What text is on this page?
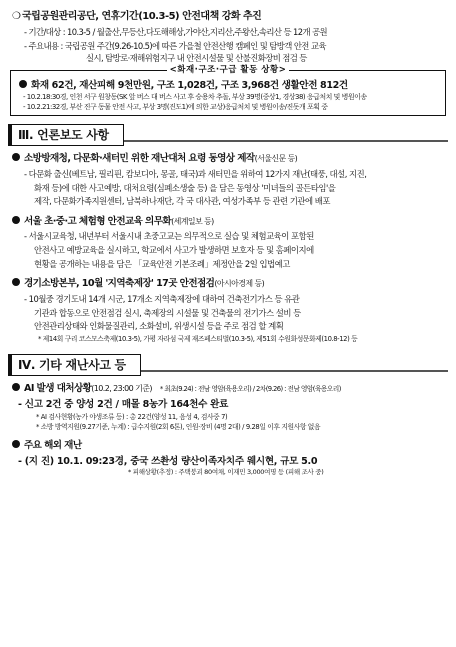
❍ 국립공원관리공단, 연휴기간(10.3-5) 안전대책 강화 추진
- 기간/대상 : 10.3-5 / 월출산,무등산,다도해해상,가야산,지리산,주왕산,속리산 등 12개 공원
- 주요내용 : 국립공원 주간(9.26-10.5)에 따른 가을철 안전산행 캠페인 및 탐방객 안전 교육
실시, 탐방로·재해위험지구 내 안전시설물 및 산불진화장비 점검 등
<화재·구조·구급 활동 상황>
화재 62건, 재산피해 9천만원, 구조 1,028건, 구조 3,968건 생활안전 812건
- 10.2.18:30경, 인천 서구 원창동(SK 앞 버스 대 버스 사고 후 승용차 추돌, 부상 39명(중상1, 경상38) 응급처치 및 병원이송
- 10.2.21:32경, 부산 진구 동물 안전 사고, 부상 3명(진도1)에 의한 교상)응급처치 및 병원이송/진돗개 포획 중
Ⅲ. 언론보도 사항
소방방재청, 다문화·새터민 위한 재난대처 요령 동영상 제작(서울신문 등)
- 다문화 출신(베트남, 필리핀, 캄보디아, 몽골, 태국)과 새터민을 위하여 12가지 재난(태풍, 대설, 지진,
화재 등)에 대한 사고예방, 대처요령(심폐소생술 등) 을 담은 동영상 '미녀들의 골든타임'을
제작, 다문화가족지원센터, 남북하나재단, 각 국 대사관, 여성가족부 등 관련 기관에 배포
서울 초·중·고 체험형 안전교육 의무화(세계일보 등)
- 서울시교육청, 내년부터 서울시내 초중고교는 의무적으로 실습 및 체험교육이 포함된
안전사고 예방교육을 실시하고, 학교에서 사고가 발생하면 보호자 등 및 홈페이지에
현황을 공개하는 내용을 담은 「교육안전 기본조례」제정안을 2일 입법예고
경기소방본부, 10월 '지역축제장' 17곳 안전점검(아시아경제 등)
- 10월중 경기도내 14개 시군, 17개소 지역축제장에 대하여 건축전기가스 등 유관
기관과 합동으로 안전점검 실시, 축제장의 시설물 및 건축물의 전기가스 설비 등
안전관리상태와 인화물질관리, 소화설비, 위생시설 등을 주로 점검 할 계획
* 제14회 구리 코스모스축제(10.3-5), 가평 자라섬 국제 재즈페스티벌(10.3-5), 제51회 수원화성문화제(10.8-12) 등
Ⅳ. 기타 재난사고 등
AI 발생 대처상황(10.2, 23:00 기준) * 최초(9.24) : 전남 영암(육용오리) / 2차(9.26) : 전남 영암(육용오리)
- 신고 2건 중 양성 2건 / 매몰 8농가 164천수 완료
* AI 검사현황(농가 야생조류 등) : 총 22건(양성 11, 음성 4, 검사중 7)
* 소방 방역지원(9.27기준, 누계) : 급수지원(2회 6톤), 인원·장비 (4명 2대) / 9.28일 이후 지원사항 없음
주요 해외 재난
- (지 진) 10.1. 09:23경, 중국 쓰촨성 량산이족자치주 웨시현, 규모 5.0
* 피해상황(추정) : 주택붕괴 80여채, 이재민 3,000여명 등 (피해 조사 중)
